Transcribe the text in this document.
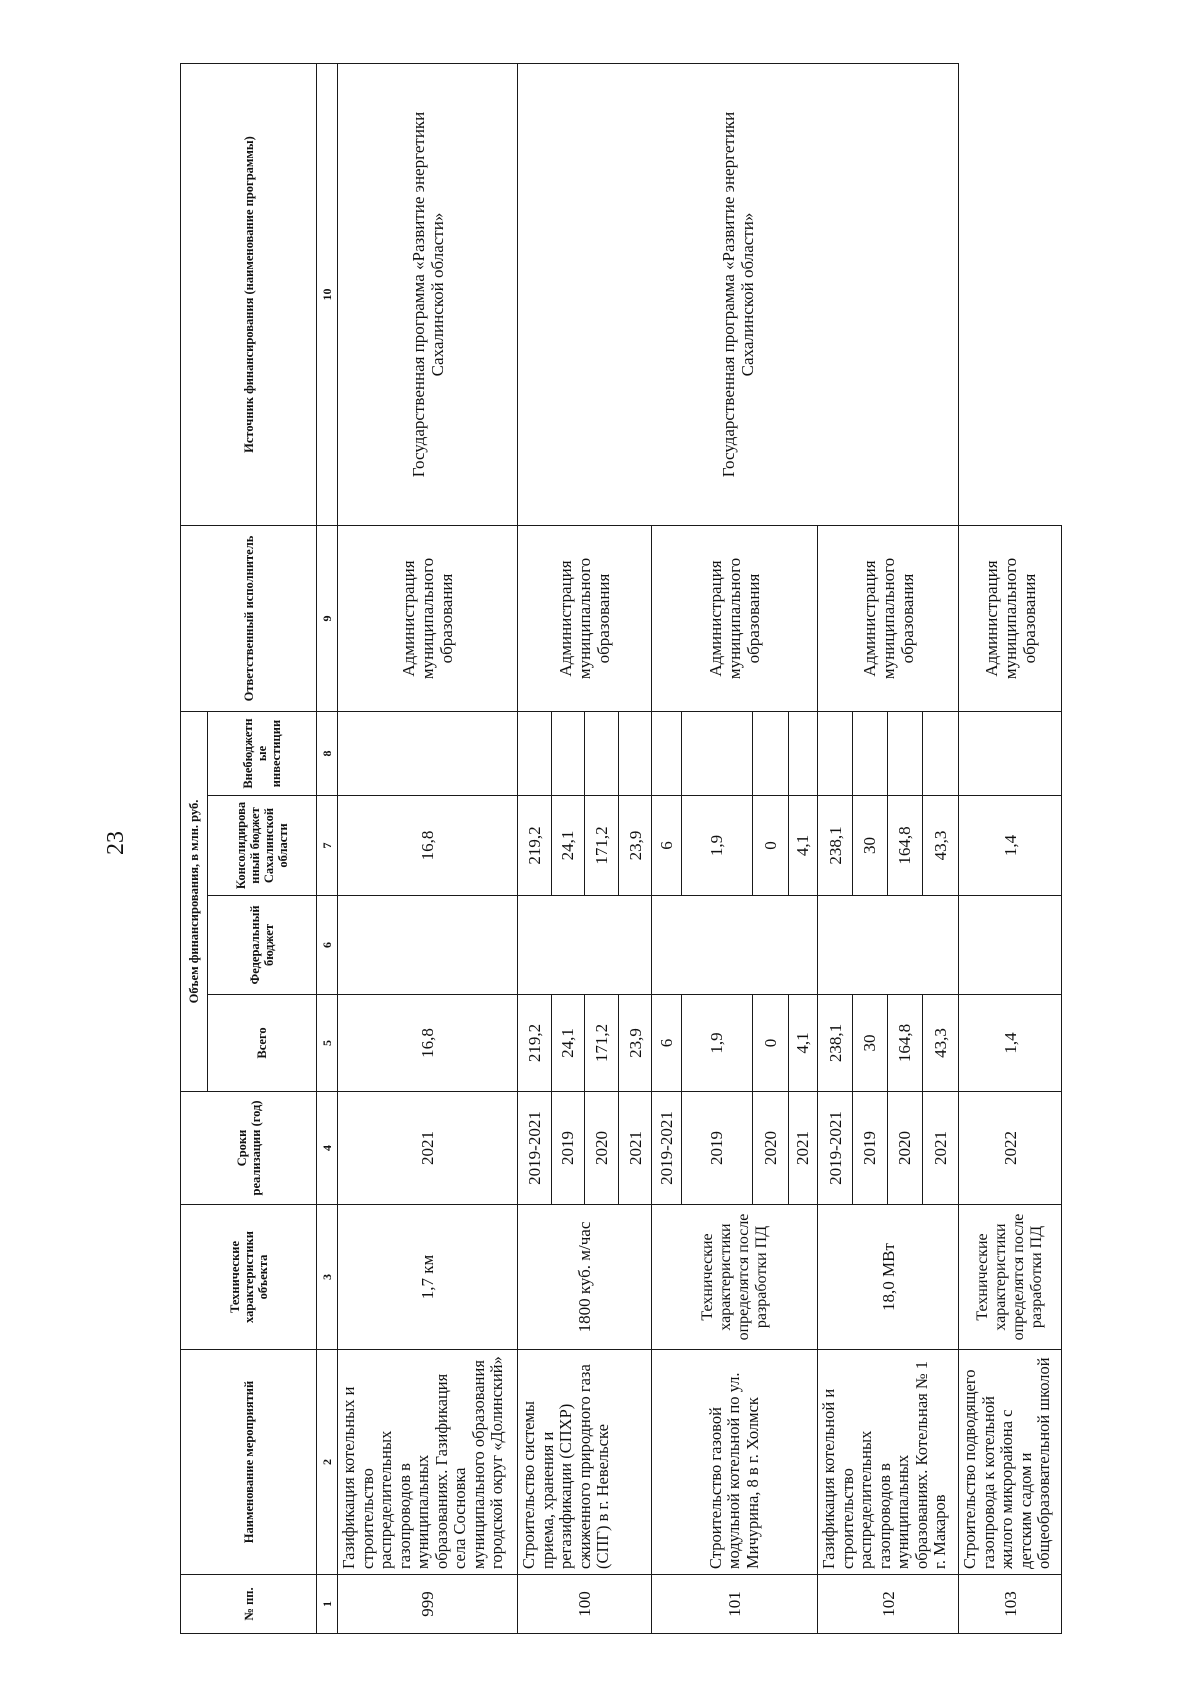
23
№ пп.	Наименование мероприятий	Технические характеристики объекта	Сроки реализации (год)	Объем финансирования, в млн. руб.				Ответственный исполнитель	Источник финансирования (наименование программы)
				Всего	Федеральный бюджет	Консолидированный бюджет Сахалинской области	Внебюджетные инвестиции		
1	2	3	4	5	6	7	8	9	10
999	Газификация котельных и строительство распределительных газопроводов в муниципальных образованиях. Газификация села Сосновка муниципального образования городской округ «Долинский»	1,7 км	2021	16,8		16,8		Администрация муниципального образования	Государственная программа «Развитие энергетики Сахалинской области»
100	Строительство системы приема, хранения и регазификации (СПХР) сжиженного природного газа (СПГ) в г. Невельске	1800 куб. м/час	2019-2021	219,2		219,2		Администрация муниципального образования	Государственная программа «Развитие энергетики Сахалинской области»
			2019	24,1		24,1			
			2020	171,2		171,2			
			2021	23,9		23,9			
101	Строительство газовой модульной котельной по ул. Мичурина, 8 в г. Холмск	Технические характеристики определятся после разработки ПД	2019-2021	6		6		Администрация муниципального образования	
			2019	1,9		1,9			
			2020	0		0			
			2021	4,1		4,1			
102	Газификация котельной и строительство распределительных газопроводов в муниципальных образованиях. Котельная № 1 г. Макаров	18,0 МВт	2019-2021	238,1		238,1		Администрация муниципального образования	
			2019	30		30			
			2020	164,8		164,8			
			2021	43,3		43,3			
103	Строительство подводящего газопровода к котельной жилого микрорайона с детским садом и общеобразовательной школой	Технические характеристики определятся после разработки ПД	2022	1,4		1,4		Администрация муниципального образования	
